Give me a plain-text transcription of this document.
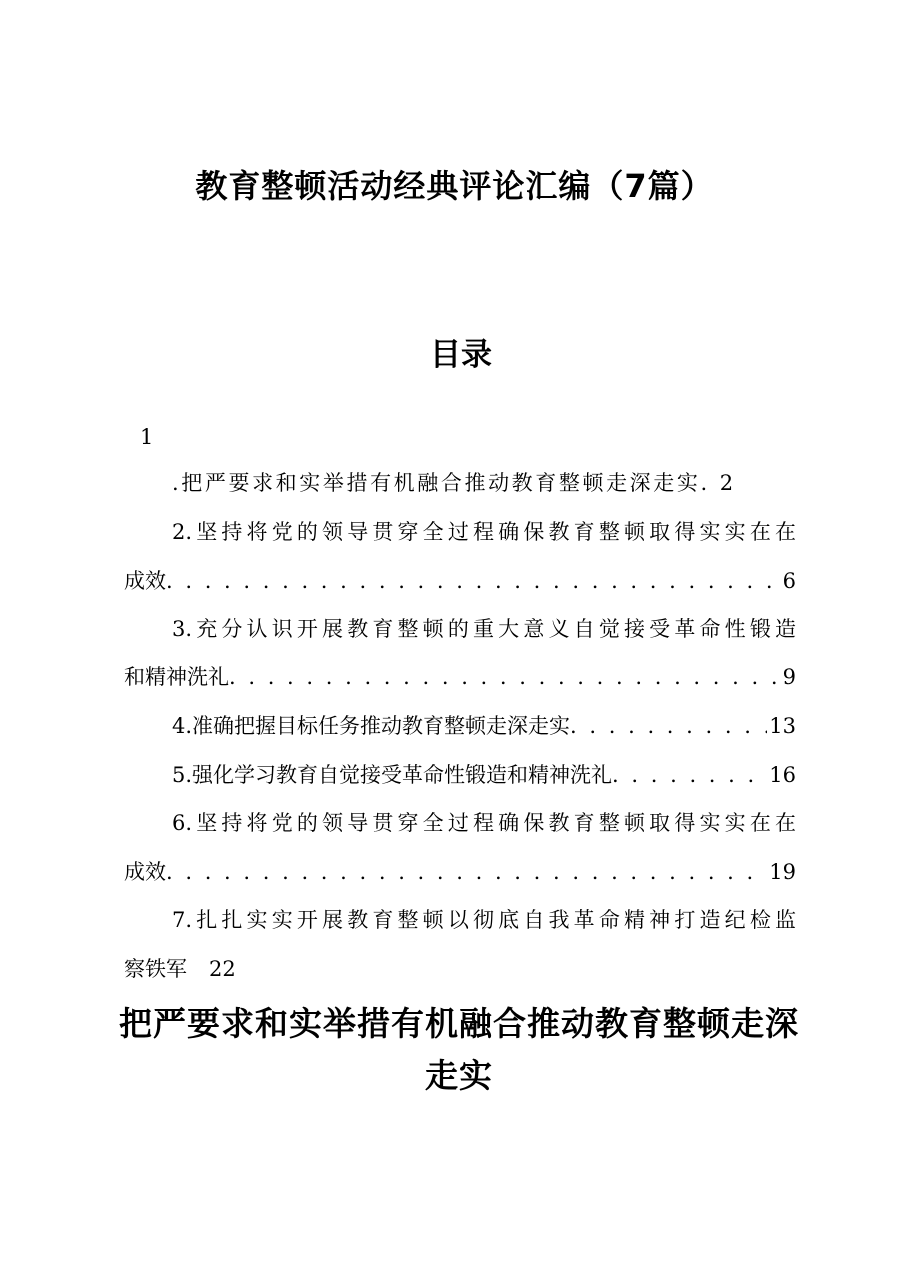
教育整顿活动经典评论汇编（7篇）
目录
1
.把严要求和实举措有机融合推动教育整顿走深走实. 2
2.坚持将党的领导贯穿全过程确保教育整顿取得实实在在
成效 . . .	6
3.充分认识开展教育整顿的重大意义自觉接受革命性锻造
和精神洗礼 . . .	9
4.准确把握目标任务推动教育整顿走深走实 . . .	13
5.强化学习教育自觉接受革命性锻造和精神洗礼 . . .	16
6.坚持将党的领导贯穿全过程确保教育整顿取得实实在在
成效 . . .	19
7.扎扎实实开展教育整顿以彻底自我革命精神打造纪检监
察铁军 22
把严要求和实举措有机融合推动教育整顿走深走实
